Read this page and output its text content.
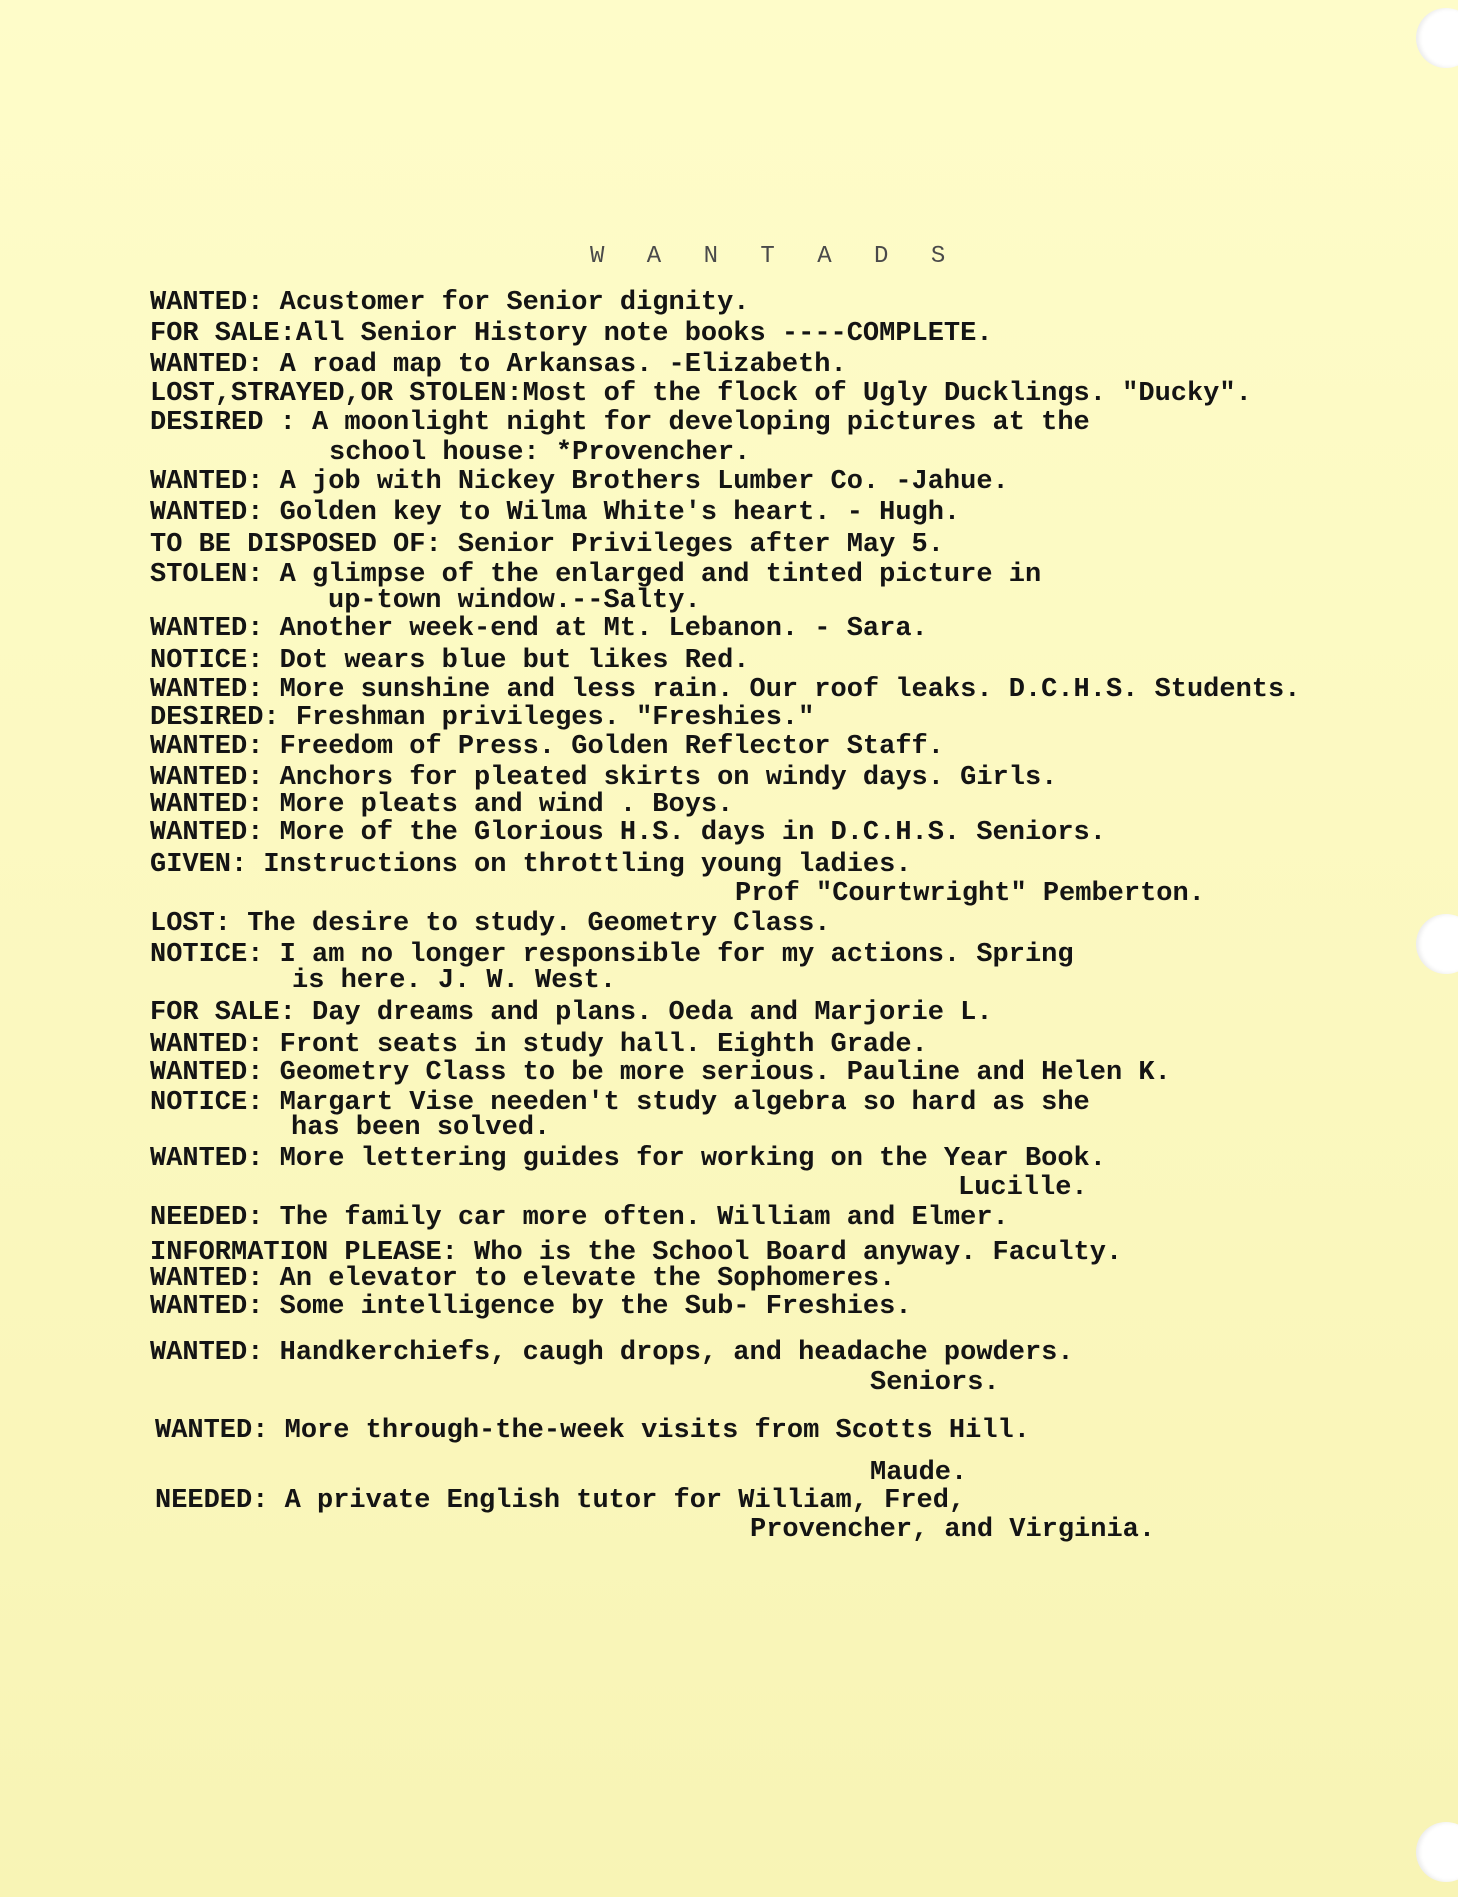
W A N T A D S
WANTED: Acustomer for Senior dignity.
FOR SALE:All Senior History note books ----COMPLETE.
WANTED: A road map to Arkansas. -Elizabeth.
LOST,STRAYED,OR STOLEN:Most of the flock of Ugly Ducklings. "Ducky".
DESIRED : A moonlight night for developing pictures at the
school house: *Provencher.
WANTED: A job with Nickey Brothers Lumber Co. -Jahue.
WANTED: Golden key to Wilma White's heart. - Hugh.
TO BE DISPOSED OF: Senior Privileges after May 5.
STOLEN: A glimpse of the enlarged and tinted picture in
up-town window.--Salty.
WANTED: Another week-end at Mt. Lebanon. - Sara.
NOTICE: Dot wears blue but likes Red.
WANTED: More sunshine and less rain. Our roof leaks. D.C.H.S. Students.
DESIRED: Freshman privileges. "Freshies."
WANTED: Freedom of Press. Golden Reflector Staff.
WANTED: Anchors for pleated skirts on windy days. Girls.
WANTED: More pleats and wind . Boys.
WANTED: More of the Glorious H.S. days in D.C.H.S. Seniors.
GIVEN: Instructions on throttling young ladies.
Prof "Courtwright" Pemberton.
LOST: The desire to study. Geometry Class.
NOTICE: I am no longer responsible for my actions. Spring
is here. J. W. West.
FOR SALE: Day dreams and plans. Oeda and Marjorie L.
WANTED: Front seats in study hall. Eighth Grade.
WANTED: Geometry Class to be more serious. Pauline and Helen K.
NOTICE: Margart Vise needen't study algebra so hard as she
has been solved.
WANTED: More lettering guides for working on the Year Book.
Lucille.
NEEDED: The family car more often. William and Elmer.
INFORMATION PLEASE: Who is the School Board anyway. Faculty.
WANTED: An elevator to elevate the Sophomeres.
WANTED: Some intelligence by the Sub- Freshies.
WANTED: Handkerchiefs, caugh drops, and headache powders.
Seniors.
WANTED: More through-the-week visits from Scotts Hill.
Maude.
NEEDED: A private English tutor for William, Fred,
Provencher, and Virginia.
